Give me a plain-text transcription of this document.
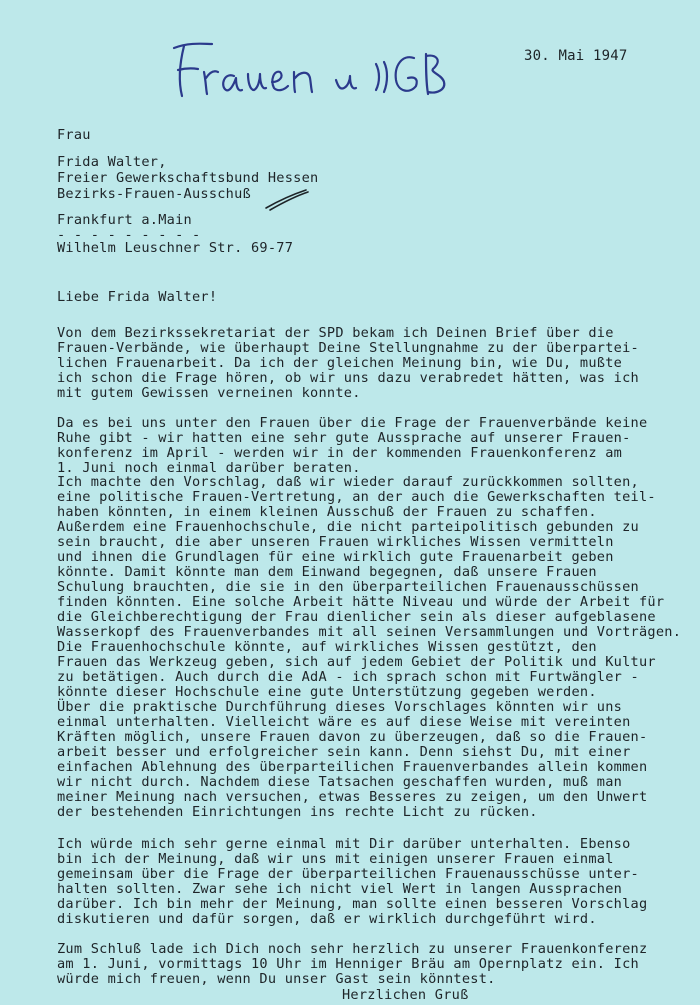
30. Mai 1947
Frau
Frida Walter,
Freier Gewerkschaftsbund Hessen
Bezirks-Frauen-Ausschuß
Frankfurt a.Main
- - - - - - - - -
Wilhelm Leuschner Str. 69-77
Liebe Frida Walter!
Von dem Bezirkssekretariat der SPD bekam ich Deinen Brief über die
Frauen-Verbände, wie überhaupt Deine Stellungnahme zu der überpartei-
lichen Frauenarbeit. Da ich der gleichen Meinung bin, wie Du, mußte
ich schon die Frage hören, ob wir uns dazu verabredet hätten, was ich
mit gutem Gewissen verneinen konnte.
Da es bei uns unter den Frauen über die Frage der Frauenverbände keine
Ruhe gibt - wir hatten eine sehr gute Aussprache auf unserer Frauen-
konferenz im April - werden wir in der kommenden Frauenkonferenz am
1. Juni noch einmal darüber beraten.
Ich machte den Vorschlag, daß wir wieder darauf zurückkommen sollten,
eine politische Frauen-Vertretung, an der auch die Gewerkschaften teil-
haben könnten, in einem kleinen Ausschuß der Frauen zu schaffen.
Außerdem eine Frauenhochschule, die nicht parteipolitisch gebunden zu
sein braucht, die aber unseren Frauen wirkliches Wissen vermitteln
und ihnen die Grundlagen für eine wirklich gute Frauenarbeit geben
könnte. Damit könnte man dem Einwand begegnen, daß unsere Frauen
Schulung brauchten, die sie in den überparteilichen Frauenausschüssen
finden könnten. Eine solche Arbeit hätte Niveau und würde der Arbeit für
die Gleichberechtigung der Frau dienlicher sein als dieser aufgeblasene
Wasserkopf des Frauenverbandes mit all seinen Versammlungen und Vorträgen.
Die Frauenhochschule könnte, auf wirkliches Wissen gestützt, den
Frauen das Werkzeug geben, sich auf jedem Gebiet der Politik und Kultur
zu betätigen. Auch durch die AdA - ich sprach schon mit Furtwängler -
könnte dieser Hochschule eine gute Unterstützung gegeben werden.
Über die praktische Durchführung dieses Vorschlages könnten wir uns
einmal unterhalten. Vielleicht wäre es auf diese Weise mit vereinten
Kräften möglich, unsere Frauen davon zu überzeugen, daß so die Frauen-
arbeit besser und erfolgreicher sein kann. Denn siehst Du, mit einer
einfachen Ablehnung des überparteilichen Frauenverbandes allein kommen
wir nicht durch. Nachdem diese Tatsachen geschaffen wurden, muß man
meiner Meinung nach versuchen, etwas Besseres zu zeigen, um den Unwert
der bestehenden Einrichtungen ins rechte Licht zu rücken.
Ich würde mich sehr gerne einmal mit Dir darüber unterhalten. Ebenso
bin ich der Meinung, daß wir uns mit einigen unserer Frauen einmal
gemeinsam über die Frage der überparteilichen Frauenausschüsse unter-
halten sollten. Zwar sehe ich nicht viel Wert in langen Aussprachen
darüber. Ich bin mehr der Meinung, man sollte einen besseren Vorschlag
diskutieren und dafür sorgen, daß er wirklich durchgeführt wird.
Zum Schluß lade ich Dich noch sehr herzlich zu unserer Frauenkonferenz
am 1. Juni, vormittags 10 Uhr im Henniger Bräu am Opernplatz ein. Ich
würde mich freuen, wenn Du unser Gast sein könntest.
Herzlichen Gruß
